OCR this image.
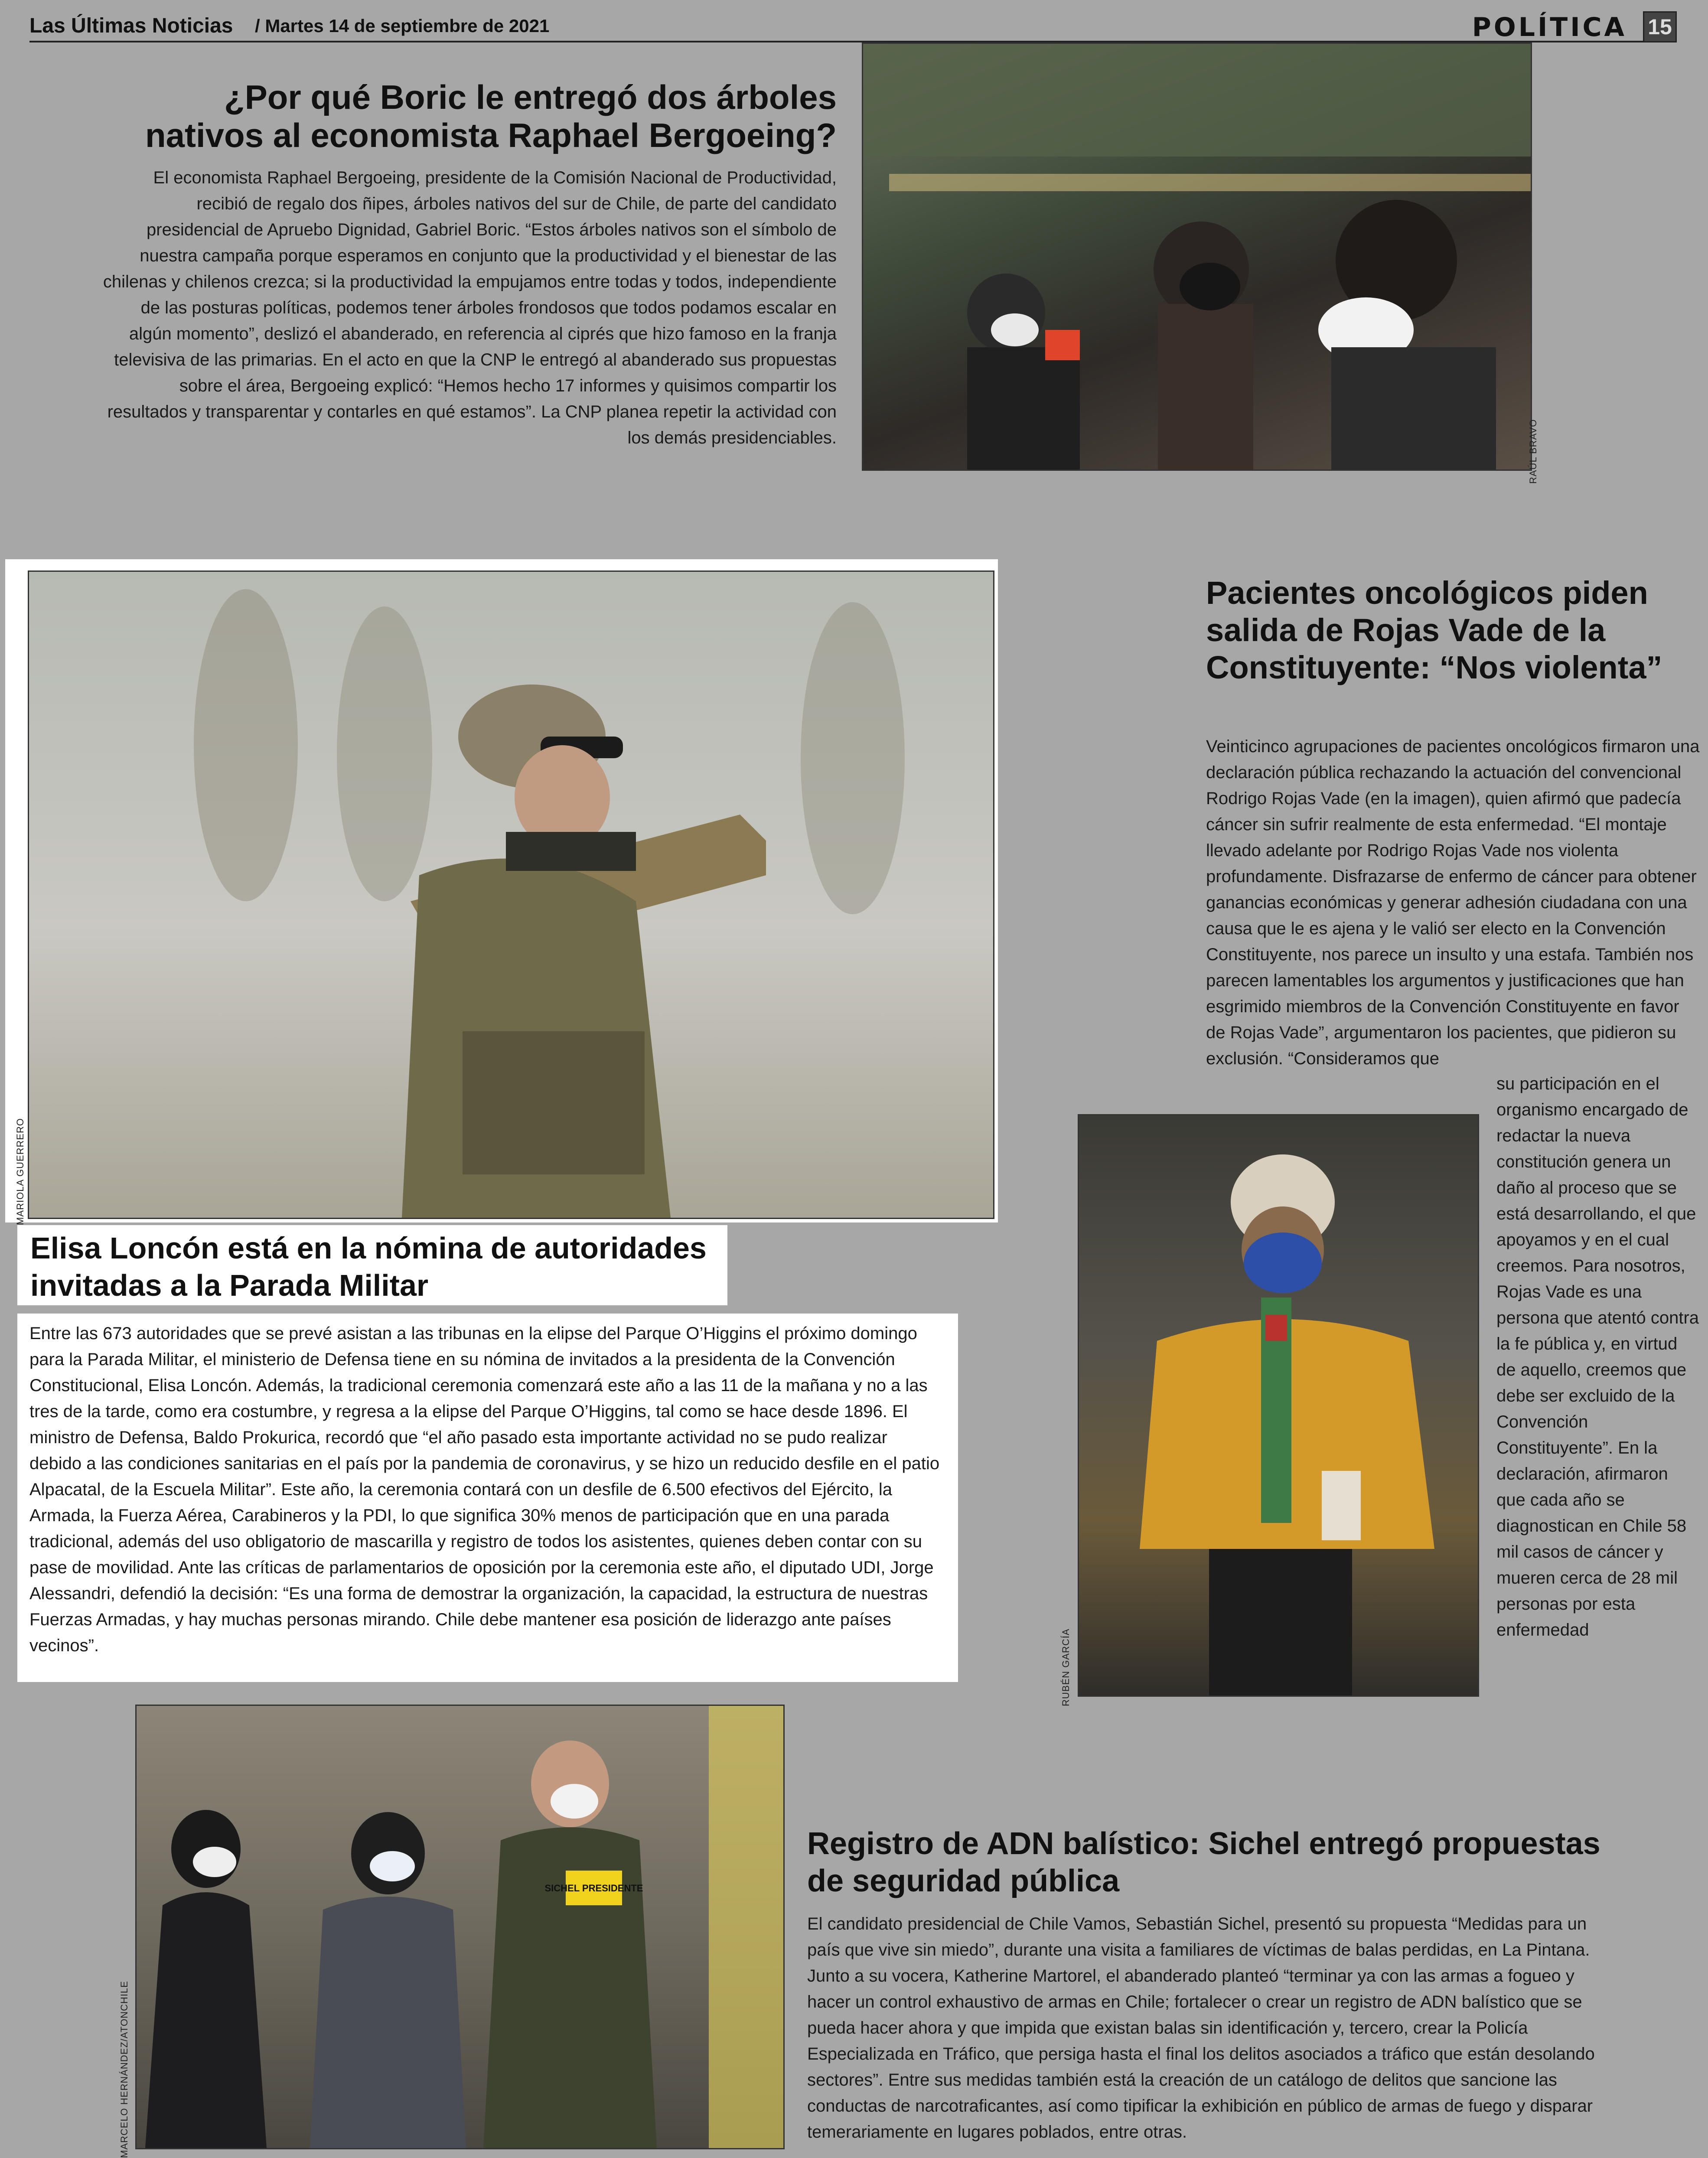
Las Últimas Noticias / Martes 14 de septiembre de 2021	POLÍTICA 15
¿Por qué Boric le entregó dos árboles nativos al economista Raphael Bergoeing?

El economista Raphael Bergoeing, presidente de la Comisión Nacional de Productividad, recibió de regalo dos ñipes, árboles nativos del sur de Chile, de parte del candidato presidencial de Apruebo Dignidad, Gabriel Boric. “Estos árboles nativos son el símbolo de nuestra campaña porque esperamos en conjunto que la productividad y el bienestar de las chilenas y chilenos crezca; si la productividad la empujamos entre todas y todos, independiente de las posturas políticas, podemos tener árboles frondosos que todos podamos escalar en algún momento”, deslizó el abanderado, en referencia al ciprés que hizo famoso en la franja televisiva de las primarias. En el acto en que la CNP le entregó al abanderado sus propuestas sobre el área, Bergoeing explicó: “Hemos hecho 17 informes y quisimos compartir los resultados y transparentar y contarles en qué estamos”. La CNP planea repetir la actividad con los demás presidenciables.	RAÚL BRAVO
MARIOLA GUERRERO
Elisa Loncón está en la nómina de autoridades invitadas a la Parada Militar

Entre las 673 autoridades que se prevé asistan a las tribunas en la elipse del Parque O’Higgins el próximo domingo para la Parada Militar, el ministerio de Defensa tiene en su nómina de invitados a la presidenta de la Convención Constitucional, Elisa Loncón. Además, la tradicional ceremonia comenzará este año a las 11 de la mañana y no a las tres de la tarde, como era costumbre, y regresa a la elipse del Parque O’Higgins, tal como se hace desde 1896. El ministro de Defensa, Baldo Prokurica, recordó que “el año pasado esta importante actividad no se pudo realizar debido a las condiciones sanitarias en el país por la pandemia de coronavirus, y se hizo un reducido desfile en el patio Alpacatal, de la Escuela Militar”. Este año, la ceremonia contará con un desfile de 6.500 efectivos del Ejército, la Armada, la Fuerza Aérea, Carabineros y la PDI, lo que significa 30% menos de participación que en una parada tradicional, además del uso obligatorio de mascarilla y registro de todos los asistentes, quienes deben contar con su pase de movilidad. Ante las críticas de parlamentarios de oposición por la ceremonia este año, el diputado UDI, Jorge Alessandri, defendió la decisión: “Es una forma de demostrar la organización, la capacidad, la estructura de nuestras Fuerzas Armadas, y hay muchas personas mirando. Chile debe mantener esa posición de liderazgo ante países vecinos”.

Pacientes oncológicos piden salida de Rojas Vade de la Constituyente: “Nos violenta”

Veinticinco agrupaciones de pacientes oncológicos firmaron una declaración pública rechazando la actuación del convencional Rodrigo Rojas Vade (en la imagen), quien afirmó que padecía cáncer sin sufrir realmente de esta enfermedad. “El montaje llevado adelante por Rodrigo Rojas Vade nos violenta profundamente. Disfrazarse de enfermo de cáncer para obtener ganancias económicas y generar adhesión ciudadana con una causa que le es ajena y le valió ser electo en la Convención Constituyente, nos parece un insulto y una estafa. También nos parecen lamentables los argumentos y justificaciones que han esgrimido miembros de la Convención Constituyente en favor de Rojas Vade”, argumentaron los pacientes, que pidieron su exclusión. “Consideramos que

su participación en el organismo encargado de redactar la nueva constitución genera un daño al proceso que se está desarrollando, el que apoyamos y en el cual creemos. Para nosotros, Rojas Vade es una persona que atentó contra la fe pública y, en virtud de aquello, creemos que debe ser excluido de la Convención Constituyente”. En la declaración, afirmaron que cada año se diagnostican en Chile 58 mil casos de cáncer y mueren cerca de 28 mil personas por esta enfermedad

RUBÉN GARCÍA
SICHEL PRESIDENTE
MARCELO HERNÁNDEZ/ATONCHILE
Registro de ADN balístico: Sichel entregó propuestas de seguridad pública

El candidato presidencial de Chile Vamos, Sebastián Sichel, presentó su propuesta “Medidas para un país que vive sin miedo”, durante una visita a familiares de víctimas de balas perdidas, en La Pintana. Junto a su vocera, Katherine Martorel, el abanderado planteó “terminar ya con las armas a fogueo y hacer un control exhaustivo de armas en Chile; fortalecer o crear un registro de ADN balístico que se pueda hacer ahora y que impida que existan balas sin identificación y, tercero, crear la Policía Especializada en Tráfico, que persiga hasta el final los delitos asociados a tráfico que están desolando sectores”. Entre sus medidas también está la creación de un catálogo de delitos que sancione las conductas de narcotraficantes, así como tipificar la exhibición en público de armas de fuego y disparar temerariamente en lugares poblados, entre otras.
